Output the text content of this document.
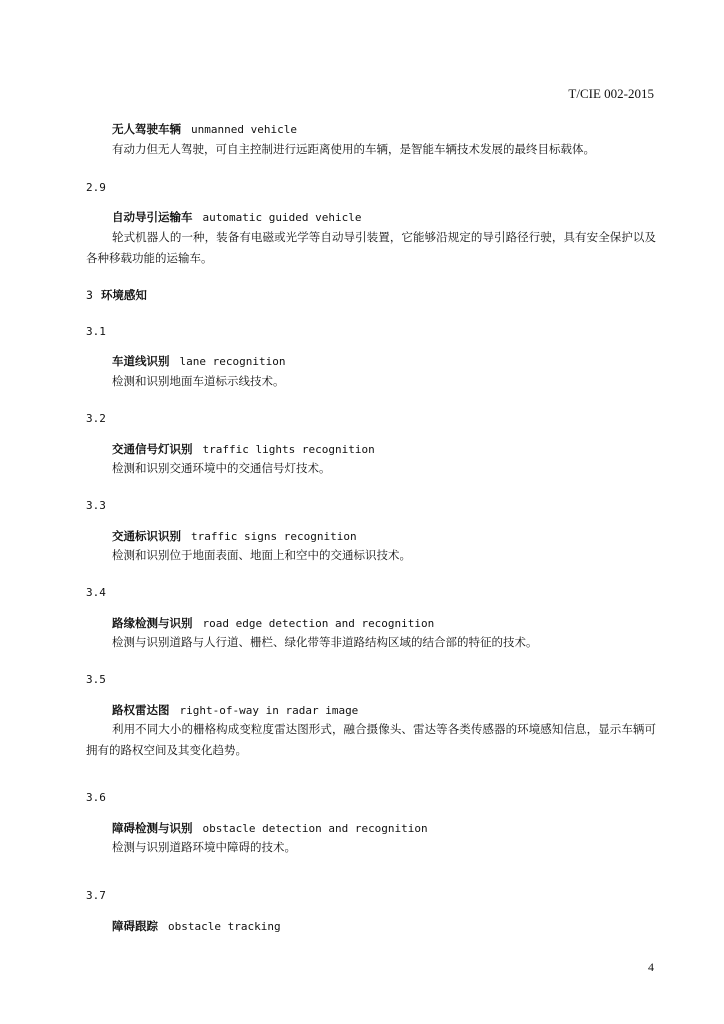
T/CIE 002-2015
无人驾驶车辆 unmanned vehicle
有动力但无人驾驶，可自主控制进行远距离使用的车辆，是智能车辆技术发展的最终目标载体。
2.9
自动导引运输车 automatic guided vehicle
轮式机器人的一种，装备有电磁或光学等自动导引装置，它能够沿规定的导引路径行驶，具有安全保护以及各种移载功能的运输车。
3 环境感知
3.1
车道线识别 lane recognition
检测和识别地面车道标示线技术。
3.2
交通信号灯识别 traffic lights recognition
检测和识别交通环境中的交通信号灯技术。
3.3
交通标识识别 traffic signs recognition
检测和识别位于地面表面、地面上和空中的交通标识技术。
3.4
路缘检测与识别 road edge detection and recognition
检测与识别道路与人行道、栅栏、绿化带等非道路结构区域的结合部的特征的技术。
3.5
路权雷达图 right-of-way in radar image
利用不同大小的栅格构成变粒度雷达图形式，融合摄像头、雷达等各类传感器的环境感知信息，显示车辆可拥有的路权空间及其变化趋势。
3.6
障碍检测与识别 obstacle detection and recognition
检测与识别道路环境中障碍的技术。
3.7
障碍跟踪 obstacle tracking
4
